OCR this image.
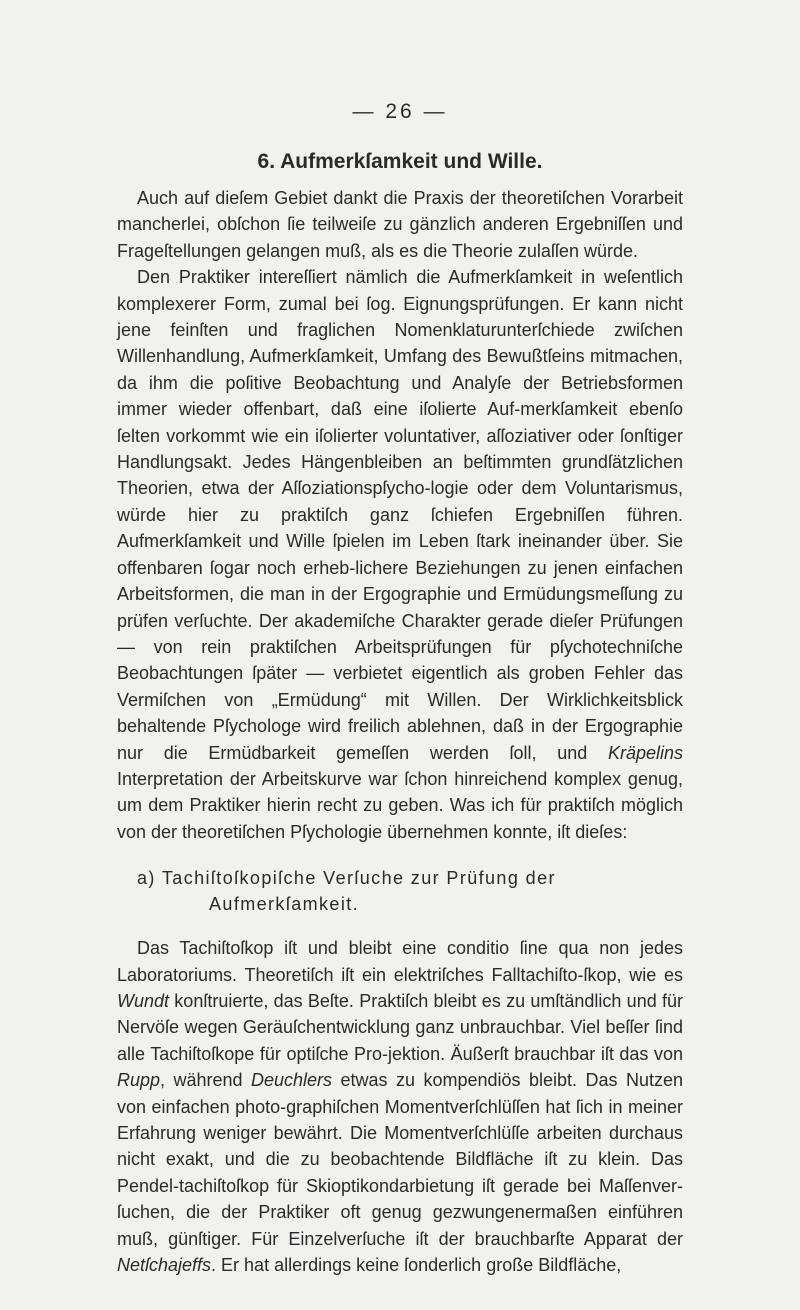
— 26 —
6. Aufmerkſamkeit und Wille.

Auch auf dieſem Gebiet dankt die Praxis der theoretiſchen Vorarbeit mancherlei, obſchon ſie teilweiſe zu gänzlich anderen Ergebniſſen und Frageſtellungen gelangen muß, als es die Theorie zulaſſen würde.

Den Praktiker intereſſiert nämlich die Aufmerkſamkeit in weſentlich komplexerer Form, zumal bei ſog. Eignungsprüfungen. Er kann nicht jene feinſten und fraglichen Nomenklaturunterſchiede zwiſchen Willenhandlung, Aufmerkſamkeit, Umfang des Bewußtſeins mitmachen, da ihm die poſitive Beobachtung und Analyſe der Betriebsformen immer wieder offenbart, daß eine iſolierte Auf-merkſamkeit ebenſo ſelten vorkommt wie ein iſolierter voluntativer, aſſoziativer oder ſonſtiger Handlungsakt. Jedes Hängenbleiben an beſtimmten grundſätzlichen Theorien, etwa der Aſſoziationspſycho-logie oder dem Voluntarismus, würde hier zu praktiſch ganz ſchiefen Ergebniſſen führen. Aufmerkſamkeit und Wille ſpielen im Leben ſtark ineinander über. Sie offenbaren ſogar noch erheb-lichere Beziehungen zu jenen einfachen Arbeitsformen, die man in der Ergographie und Ermüdungsmeſſung zu prüfen verſuchte. Der akademiſche Charakter gerade dieſer Prüfungen — von rein praktiſchen Arbeitsprüfungen für pſychotechniſche Beobachtungen ſpäter — verbietet eigentlich als groben Fehler das Vermiſchen von „Ermüdung“ mit Willen. Der Wirklichkeitsblick behaltende Pſychologe wird freilich ablehnen, daß in der Ergographie nur die Ermüdbarkeit gemeſſen werden ſoll, und Kräpelins Interpretation der Arbeitskurve war ſchon hinreichend komplex genug, um dem Praktiker hierin recht zu geben. Was ich für praktiſch möglich von der theoretiſchen Pſychologie übernehmen konnte, iſt dieſes:

a) Tachiſtoſkopiſche Verſuche zur Prüfung der
Aufmerkſamkeit.

Das Tachiſtoſkop iſt und bleibt eine conditio ſine qua non jedes Laboratoriums. Theoretiſch iſt ein elektriſches Falltachiſto-ſkop, wie es Wundt konſtruierte, das Beſte. Praktiſch bleibt es zu umſtändlich und für Nervöſe wegen Geräuſchentwicklung ganz unbrauchbar. Viel beſſer ſind alle Tachiſtoſkope für optiſche Pro-jektion. Äußerſt brauchbar iſt das von Rupp, während Deuchlers etwas zu kompendiös bleibt. Das Nutzen von einfachen photo-graphiſchen Momentverſchlüſſen hat ſich in meiner Erfahrung weniger bewährt. Die Momentverſchlüſſe arbeiten durchaus nicht exakt, und die zu beobachtende Bildfläche iſt zu klein. Das Pendel-tachiſtoſkop für Skioptikondarbietung iſt gerade bei Maſſenver-ſuchen, die der Praktiker oft genug gezwungenermaßen einführen muß, günſtiger. Für Einzelverſuche iſt der brauchbarſte Apparat der Netſchajeffs. Er hat allerdings keine ſonderlich große Bildfläche,
